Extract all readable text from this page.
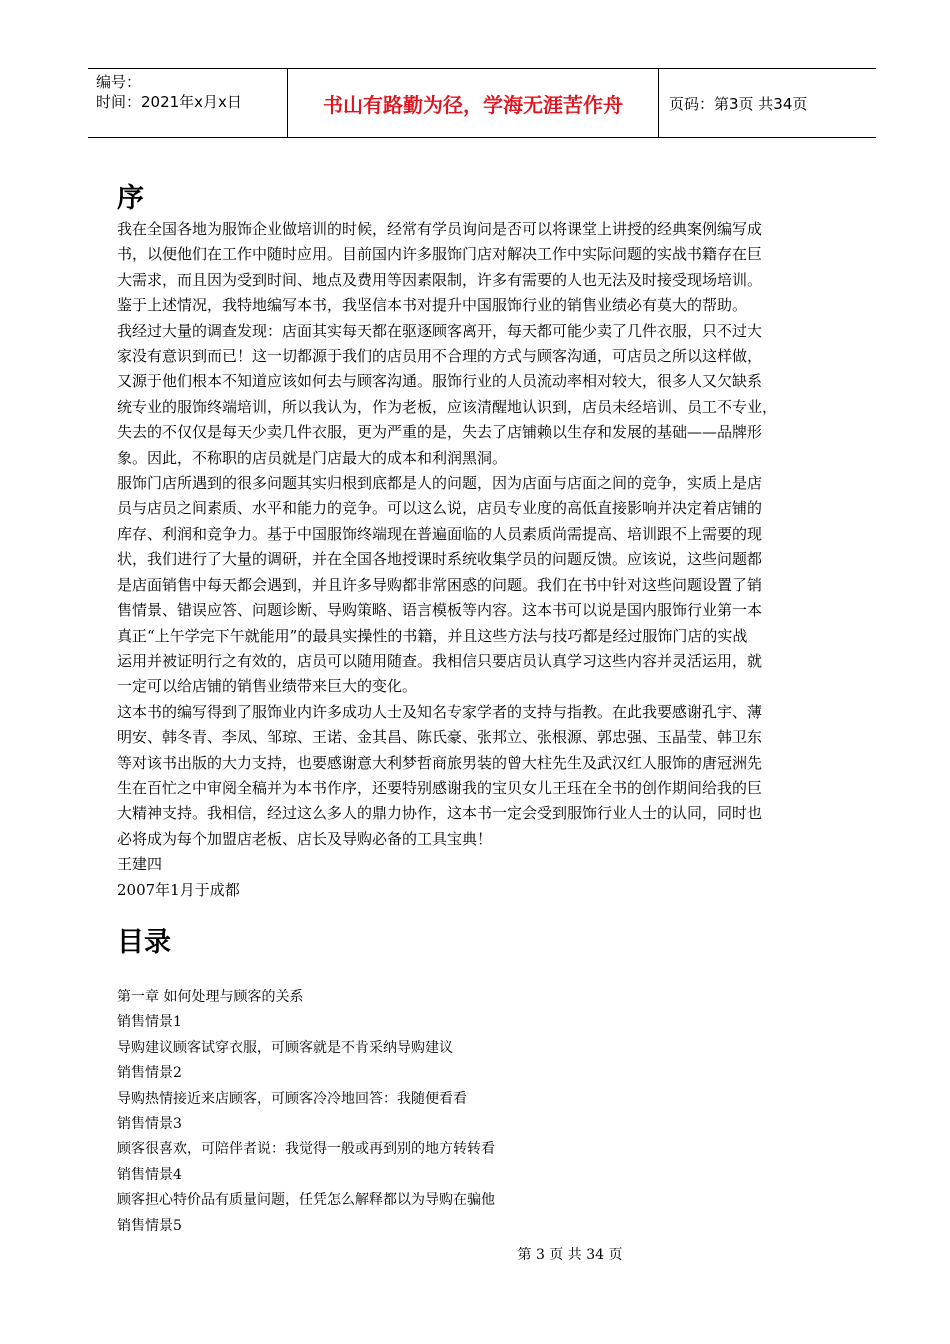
编号：
时间：2021年x月x日	书山有路勤为径，学海无涯苦作舟	页码：第3页 共34页
序
我在全国各地为服饰企业做培训的时候，经常有学员询问是否可以将课堂上讲授的经典案例编写成
书，以便他们在工作中随时应用。目前国内许多服饰门店对解决工作中实际问题的实战书籍存在巨
大需求，而且因为受到时间、地点及费用等因素限制，许多有需要的人也无法及时接受现场培训。
鉴于上述情况，我特地编写本书，我坚信本书对提升中国服饰行业的销售业绩必有莫大的帮助。
我经过大量的调查发现：店面其实每天都在驱逐顾客离开，每天都可能少卖了几件衣服，只不过大
家没有意识到而已！这一切都源于我们的店员用不合理的方式与顾客沟通，可店员之所以这样做，
又源于他们根本不知道应该如何去与顾客沟通。服饰行业的人员流动率相对较大，很多人又欠缺系
统专业的服饰终端培训，所以我认为，作为老板，应该清醒地认识到，店员未经培训、员工不专业，
失去的不仅仅是每天少卖几件衣服，更为严重的是，失去了店铺赖以生存和发展的基础——品牌形
象。因此，不称职的店员就是门店最大的成本和利润黑洞。
服饰门店所遇到的很多问题其实归根到底都是人的问题，因为店面与店面之间的竞争，实质上是店
员与店员之间素质、水平和能力的竞争。可以这么说，店员专业度的高低直接影响并决定着店铺的
库存、利润和竞争力。基于中国服饰终端现在普遍面临的人员素质尚需提高、培训跟不上需要的现
状，我们进行了大量的调研，并在全国各地授课时系统收集学员的问题反馈。应该说，这些问题都
是店面销售中每天都会遇到，并且许多导购都非常困惑的问题。我们在书中针对这些问题设置了销
售情景、错误应答、问题诊断、导购策略、语言模板等内容。这本书可以说是国内服饰行业第一本
真正“上午学完下午就能用”的最具实操性的书籍，并且这些方法与技巧都是经过服饰门店的实战
运用并被证明行之有效的，店员可以随用随查。我相信只要店员认真学习这些内容并灵活运用，就
一定可以给店铺的销售业绩带来巨大的变化。
这本书的编写得到了服饰业内许多成功人士及知名专家学者的支持与指教。在此我要感谢孔宇、薄
明安、韩冬青、李凤、邹琼、王诺、金其昌、陈氏豪、张邦立、张根源、郭忠强、玉晶莹、韩卫东
等对该书出版的大力支持，也要感谢意大利梦哲商旅男装的曾大柱先生及武汉红人服饰的唐冠洲先
生在百忙之中审阅全稿并为本书作序，还要特别感谢我的宝贝女儿王珏在全书的创作期间给我的巨
大精神支持。我相信，经过这么多人的鼎力协作，这本书一定会受到服饰行业人士的认同，同时也
必将成为每个加盟店老板、店长及导购必备的工具宝典！
王建四
2007年1月于成都
目录
第一章 如何处理与顾客的关系
销售情景1
导购建议顾客试穿衣服，可顾客就是不肯采纳导购建议
销售情景2
导购热情接近来店顾客，可顾客冷冷地回答：我随便看看
销售情景3
顾客很喜欢，可陪伴者说：我觉得一般或再到别的地方转转看
销售情景4
顾客担心特价品有质量问题，任凭怎么解释都以为导购在骗他
销售情景5
第 3 页 共 34 页
